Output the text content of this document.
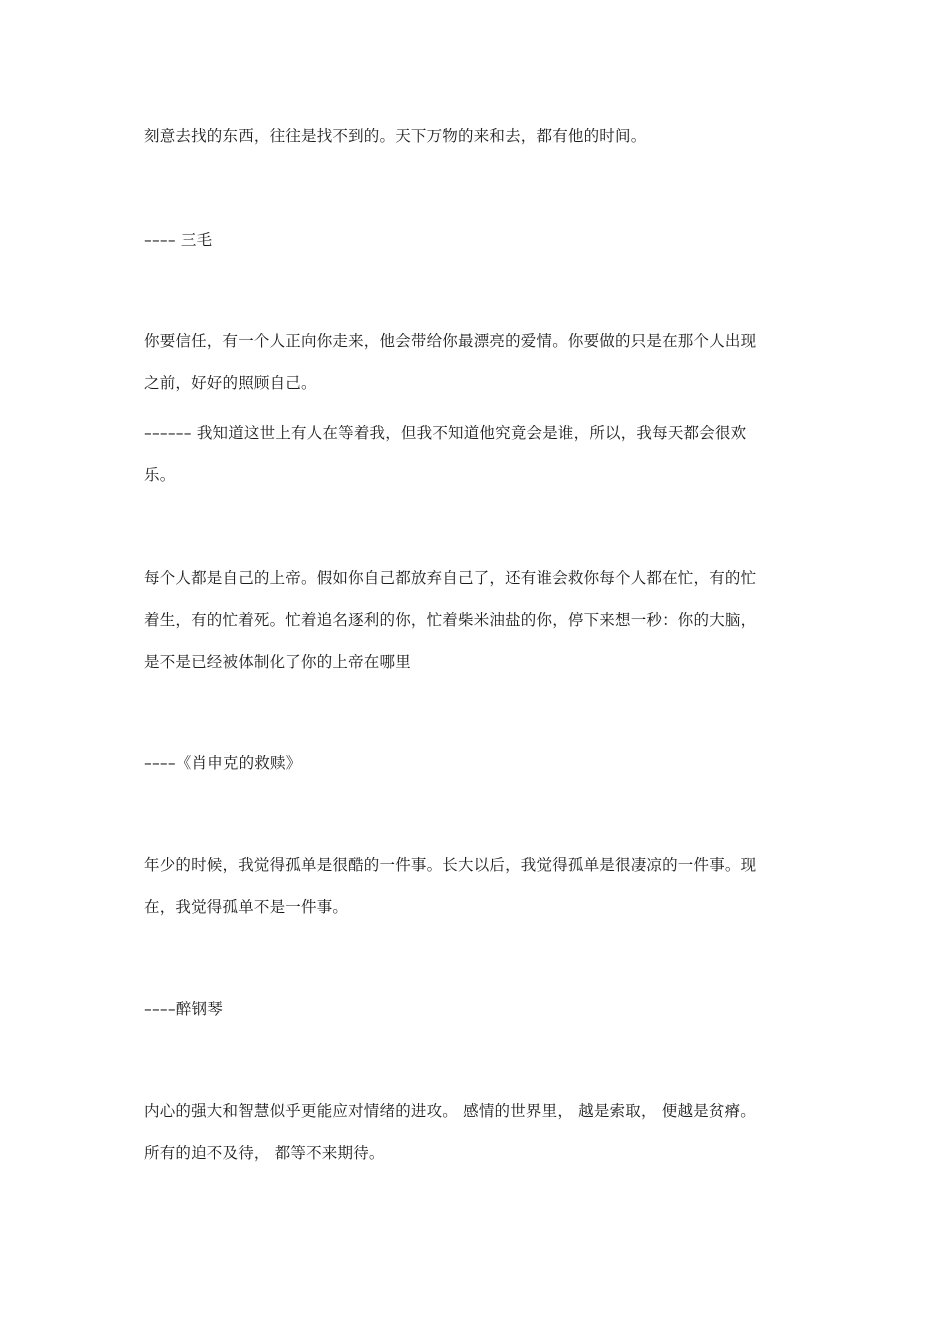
刻意去找的东西，往往是找不到的。天下万物的来和去，都有他的时间。
–––– 三毛
你要信任，有一个人正向你走来，他会带给你最漂亮的爱情。你要做的只是在那个人出现
之前，好好的照顾自己。
–––––– 我知道这世上有人在等着我，但我不知道他究竟会是谁，所以，我每天都会很欢
乐。
每个人都是自己的上帝。假如你自己都放弃自己了，还有谁会救你每个人都在忙，有的忙
着生，有的忙着死。忙着追名逐利的你，忙着柴米油盐的你，停下来想一秒：你的大脑，
是不是已经被体制化了你的上帝在哪里
––––《肖申克的救赎》
年少的时候，我觉得孤单是很酷的一件事。长大以后，我觉得孤单是很凄凉的一件事。现
在，我觉得孤单不是一件事。
––––醉钢琴
内心的强大和智慧似乎更能应对情绪的进攻。 感情的世界里， 越是索取， 便越是贫瘠。
所有的迫不及待， 都等不来期待。
